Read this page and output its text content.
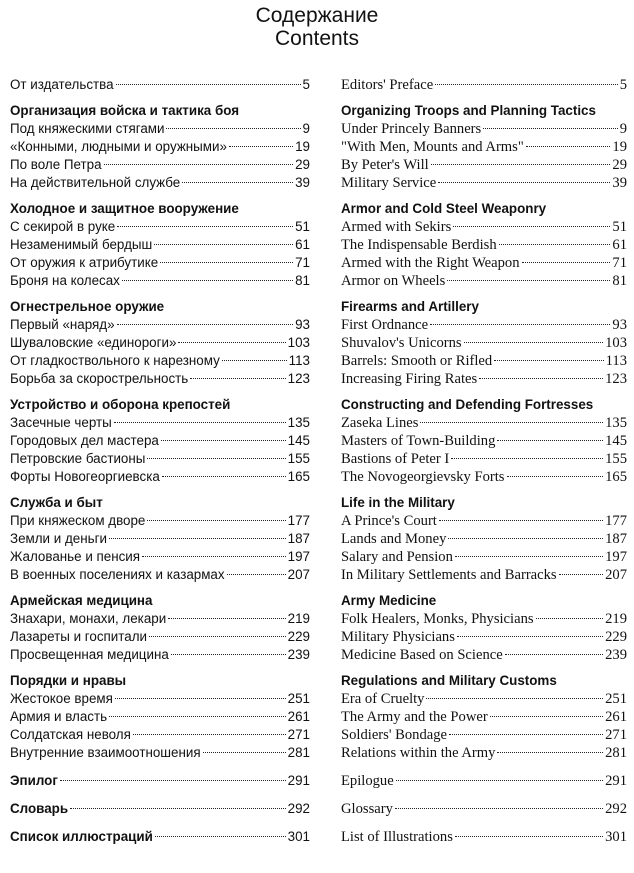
Содержание
Contents
От издательства	5
Организация войска и тактика боя
Под княжескими стягами	9
«Конными, людными и оружными»	19
По воле Петра	29
На действительной службе	39
Холодное и защитное вооружение
С секирой в руке	51
Незаменимый бердыш	61
От оружия к атрибутике	71
Броня на колесах	81
Огнестрельное оружие
Первый «наряд»	93
Шуваловские «единороги»	103
От гладкоствольного к нарезному	113
Борьба за скорострельность	123
Устройство и оборона крепостей
Засечные черты	135
Городовых дел мастера	145
Петровские бастионы	155
Форты Новогеоргиевска	165
Служба и быт
При княжеском дворе	177
Земли и деньги	187
Жалованье и пенсия	197
В военных поселениях и казармах	207
Армейская медицина
Знахари, монахи, лекари	219
Лазареты и госпитали	229
Просвещенная медицина	239
Порядки и нравы
Жестокое время	251
Армия и власть	261
Солдатская неволя	271
Внутренние взаимоотношения	281
Эпилог	291
Словарь	292
Список иллюстраций	301
Editors' Preface	5
Organizing Troops and Planning Tactics
Under Princely Banners	9
"With Men, Mounts and Arms"	19
By Peter's Will	29
Military Service	39
Armor and Cold Steel Weaponry
Armed with Sekirs	51
The Indispensable Berdish	61
Armed with the Right Weapon	71
Armor on Wheels	81
Firearms and Artillery
First Ordnance	93
Shuvalov's Unicorns	103
Barrels: Smooth or Rifled	113
Increasing Firing Rates	123
Constructing and Defending Fortresses
Zaseka Lines	135
Masters of Town-Building	145
Bastions of Peter I	155
The Novogeorgievsky Forts	165
Life in the Military
A Prince's Court	177
Lands and Money	187
Salary and Pension	197
In Military Settlements and Barracks	207
Army Medicine
Folk Healers, Monks, Physicians	219
Military Physicians	229
Medicine Based on Science	239
Regulations and Military Customs
Era of Cruelty	251
The Army and the Power	261
Soldiers' Bondage	271
Relations within the Army	281
Epilogue	291
Glossary	292
List of Illustrations	301
